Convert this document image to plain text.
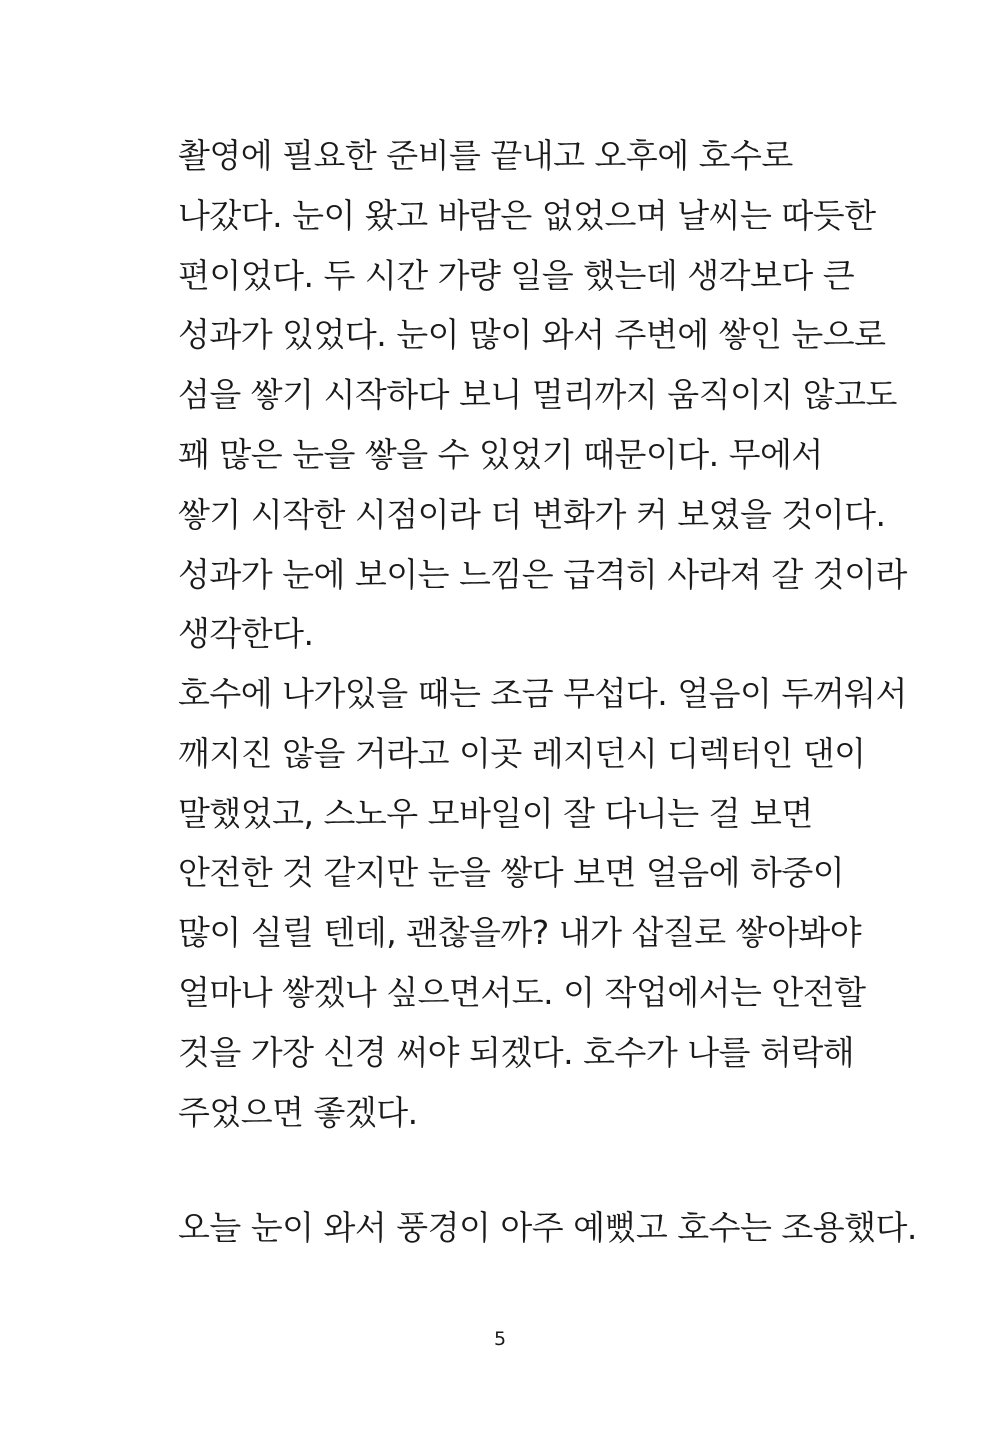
촬영에 필요한 준비를 끝내고 오후에 호수로
나갔다. 눈이 왔고 바람은 없었으며 날씨는 따듯한
편이었다. 두 시간 가량 일을 했는데 생각보다 큰
성과가 있었다. 눈이 많이 와서 주변에 쌓인 눈으로
섬을 쌓기 시작하다 보니 멀리까지 움직이지 않고도
꽤 많은 눈을 쌓을 수 있었기 때문이다. 무에서
쌓기 시작한 시점이라 더 변화가 커 보였을 것이다.
성과가 눈에 보이는 느낌은 급격히 사라져 갈 것이라
생각한다.
호수에 나가있을 때는 조금 무섭다. 얼음이 두꺼워서
깨지진 않을 거라고 이곳 레지던시 디렉터인 댄이
말했었고, 스노우 모바일이 잘 다니는 걸 보면
안전한 것 같지만 눈을 쌓다 보면 얼음에 하중이
많이 실릴 텐데, 괜찮을까? 내가 삽질로 쌓아봐야
얼마나 쌓겠나 싶으면서도. 이 작업에서는 안전할
것을 가장 신경 써야 되겠다. 호수가 나를 허락해
주었으면 좋겠다.
오늘 눈이 와서 풍경이 아주 예뻤고 호수는 조용했다.
5
